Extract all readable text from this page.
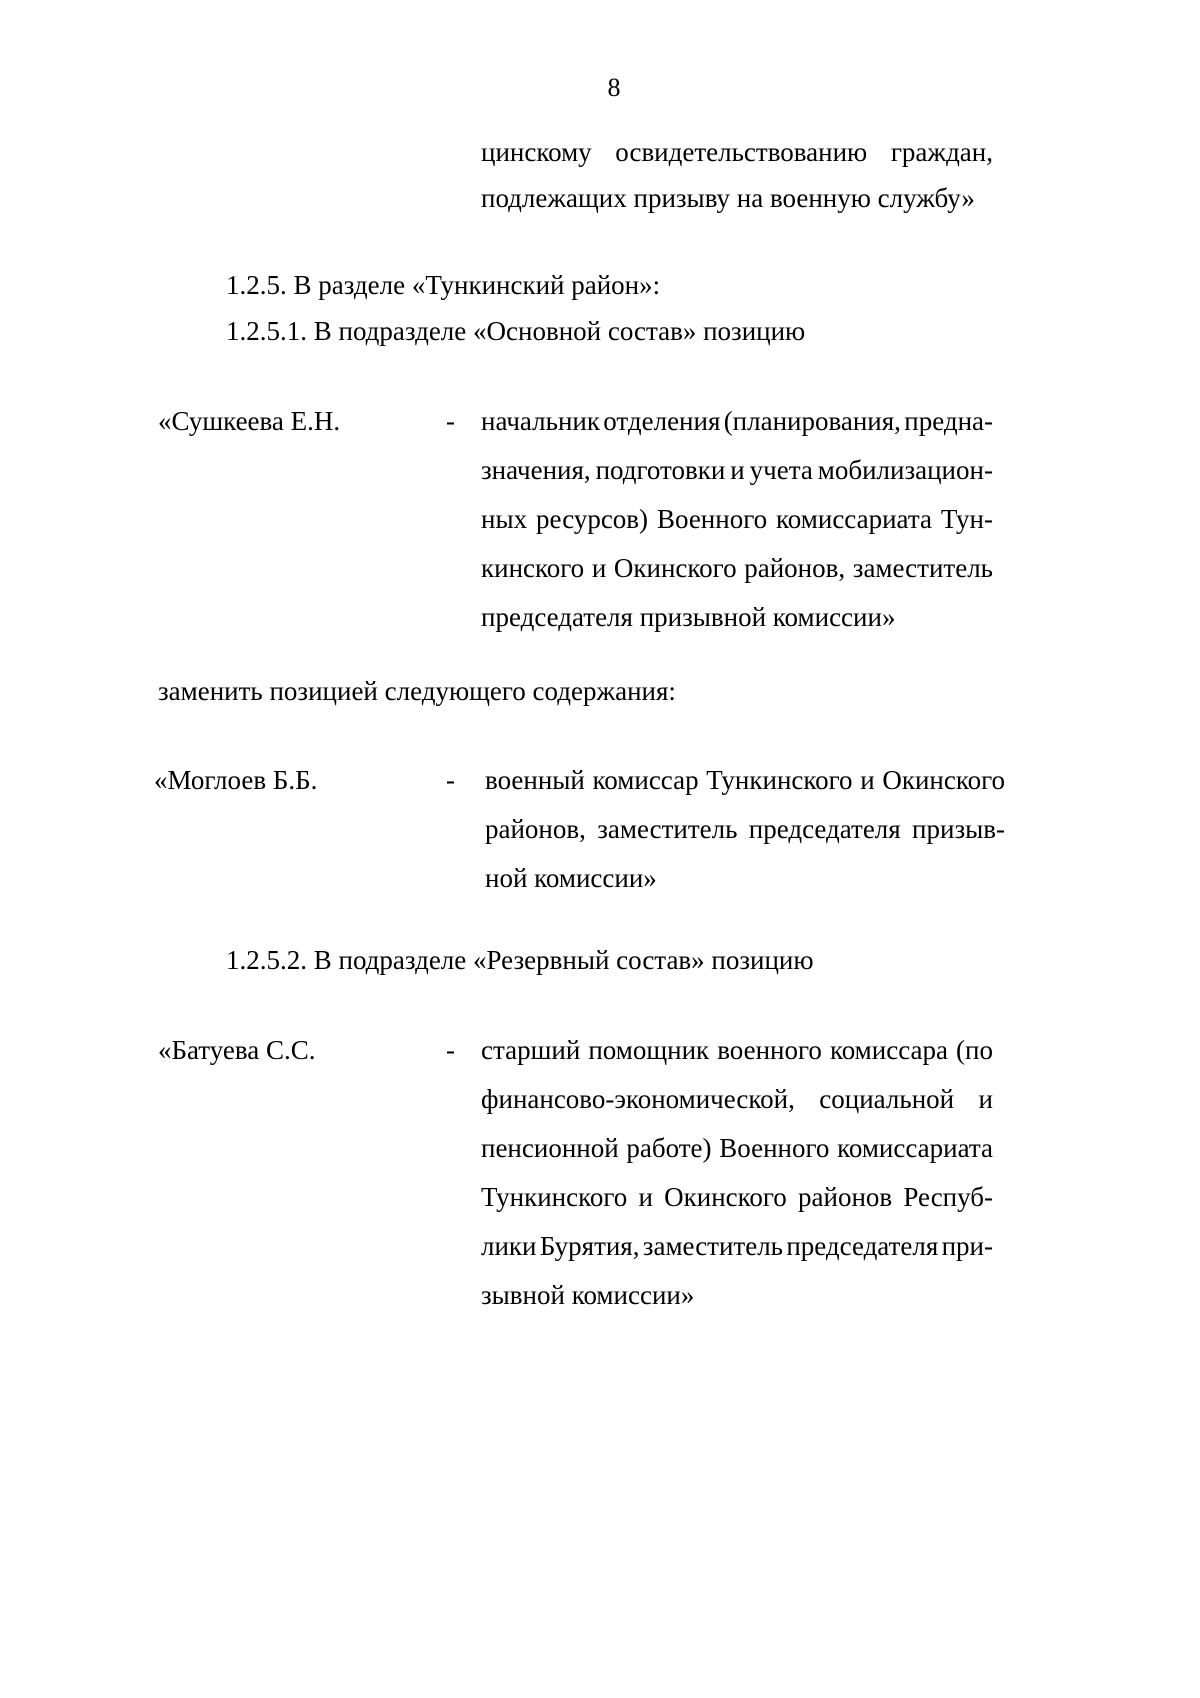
8
цинскому освидетельствованию граждан,
подлежащих призыву на военную службу»
1.2.5. В разделе «Тункинский район»:
1.2.5.1. В подразделе «Основной состав» позицию
«Сушкеева Е.Н.	- начальник отделения (планирования, предна-
значения, подготовки и учета мобилизацион-
ных ресурсов) Военного комиссариата Тун-
кинского и Окинского районов, заместитель
председателя призывной комиссии»
заменить позицией следующего содержания:
«Моглоев Б.Б.	- военный комиссар Тункинского и Окинского
районов, заместитель председателя призыв-
ной комиссии»
1.2.5.2. В подразделе «Резервный состав» позицию
«Батуева С.С.	- старший помощник военного комиссара (по
финансово-экономической, социальной и
пенсионной работе) Военного комиссариата
Тункинского и Окинского районов Респуб-
лики Бурятия, заместитель председателя при-
зывной комиссии»
